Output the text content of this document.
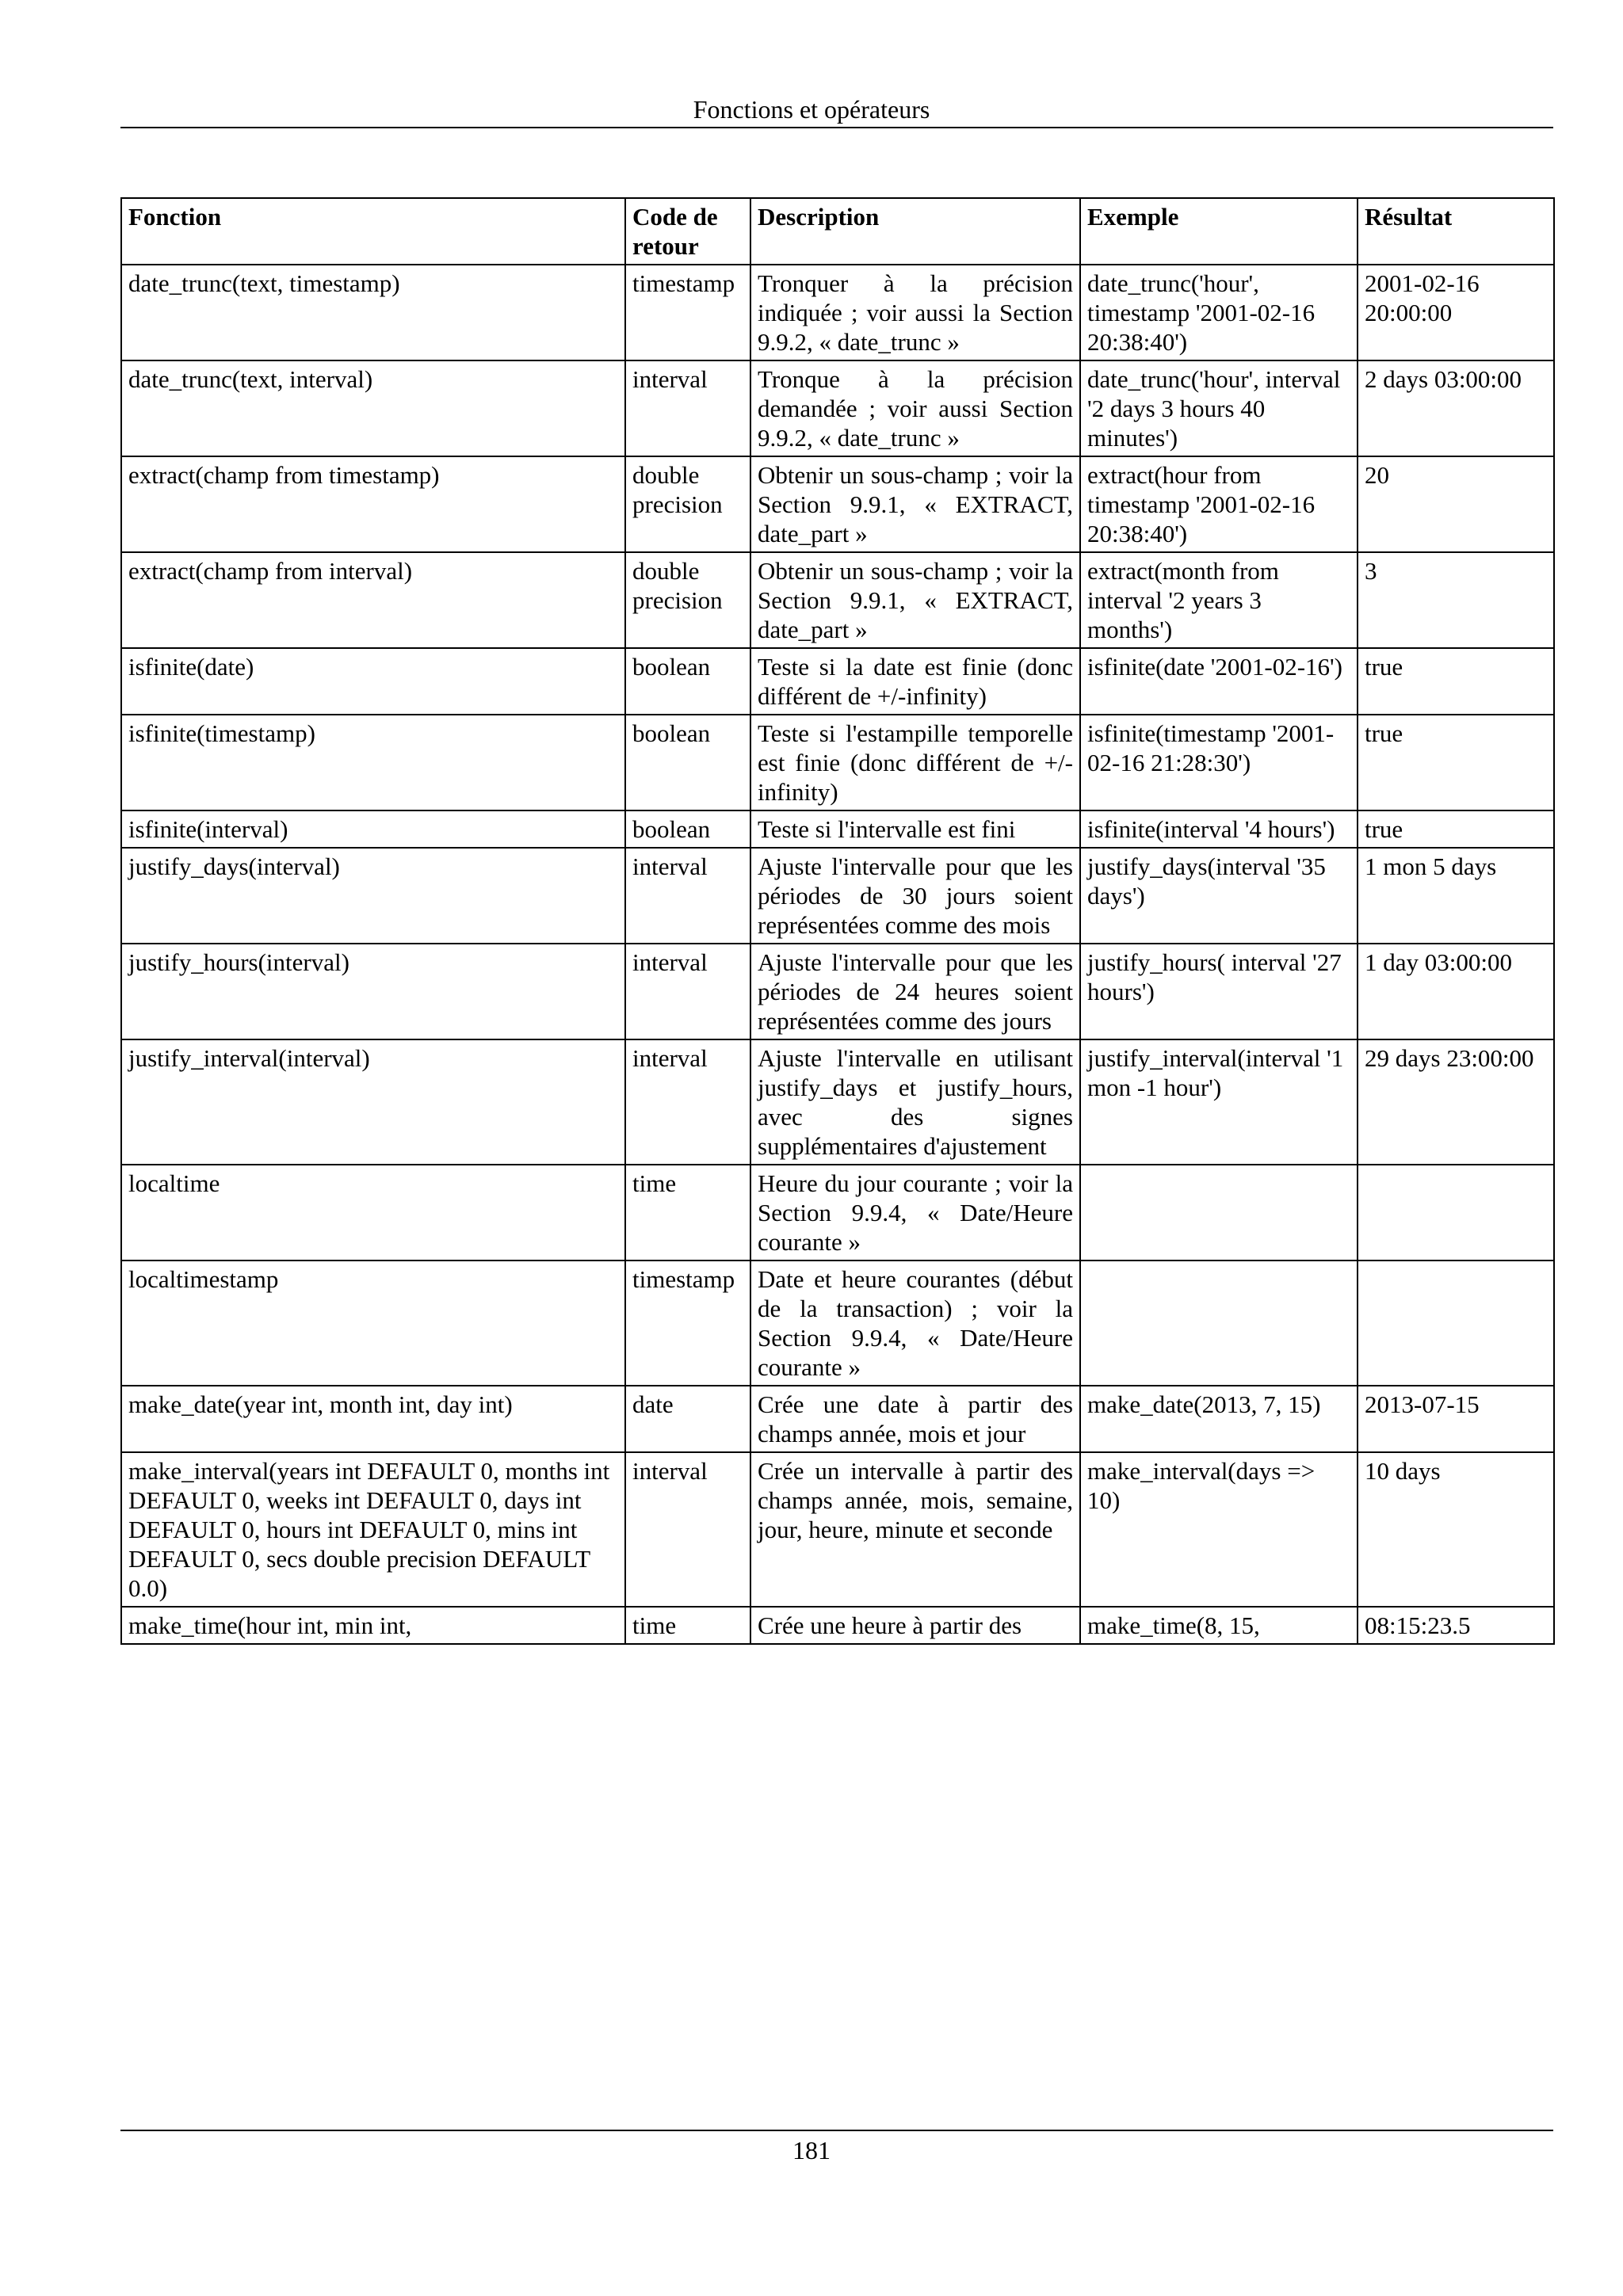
Fonctions et opérateurs
Fonction	Code de retour	Description	Exemple	Résultat
date_trunc(text, timestamp)	timestamp	Tronquer à la précision indiquée ; voir aussi la Section 9.9.2, « date_trunc »	date_trunc('hour', timestamp '2001-02-16 20:38:40')	2001-02-16 20:00:00
date_trunc(text, interval)	interval	Tronque à la précision demandée ; voir aussi Section 9.9.2, « date_trunc »	date_trunc('hour', interval '2 days 3 hours 40 minutes')	2 days 03:00:00
extract(champ from timestamp)	double precision	Obtenir un sous-champ ; voir la Section 9.9.1, « EXTRACT, date_part »	extract(hour from timestamp '2001-02-16 20:38:40')	20
extract(champ from interval)	double precision	Obtenir un sous-champ ; voir la Section 9.9.1, « EXTRACT, date_part »	extract(month from interval '2 years 3 months')	3
isfinite(date)	boolean	Teste si la date est finie (donc différent de +/-infinity)	isfinite(date '2001-02-16')	true
isfinite(timestamp)	boolean	Teste si l'estampille temporelle est finie (donc différent de +/-infinity)	isfinite(timestamp '2001-02-16 21:28:30')	true
isfinite(interval)	boolean	Teste si l'intervalle est fini	isfinite(interval '4 hours')	true
justify_days(interval)	interval	Ajuste l'intervalle pour que les périodes de 30 jours soient représentées comme des mois	justify_days(interval '35 days')	1 mon 5 days
justify_hours(interval)	interval	Ajuste l'intervalle pour que les périodes de 24 heures soient représentées comme des jours	justify_hours( interval '27 hours')	1 day 03:00:00
justify_interval(interval)	interval	Ajuste l'intervalle en utilisant justify_days et justify_hours, avec des signes supplémentaires d'ajustement	justify_interval(interval '1 mon -1 hour')	29 days 23:00:00
localtime	time	Heure du jour courante ; voir la Section 9.9.4, « Date/Heure courante »		
localtimestamp	timestamp	Date et heure courantes (début de la transaction) ; voir la Section 9.9.4, « Date/Heure courante »		
make_date(year int, month int, day int)	date	Crée une date à partir des champs année, mois et jour	make_date(2013, 7, 15)	2013-07-15
make_interval(years int DEFAULT 0, months int DEFAULT 0, weeks int DEFAULT 0, days int DEFAULT 0, hours int DEFAULT 0, mins int DEFAULT 0, secs double precision DEFAULT 0.0)	interval	Crée un intervalle à partir des champs année, mois, semaine, jour, heure, minute et seconde	make_interval(days => 10)	10 days
make_time(hour int, min int,	time	Crée une heure à partir des	make_time(8, 15,	08:15:23.5
181
